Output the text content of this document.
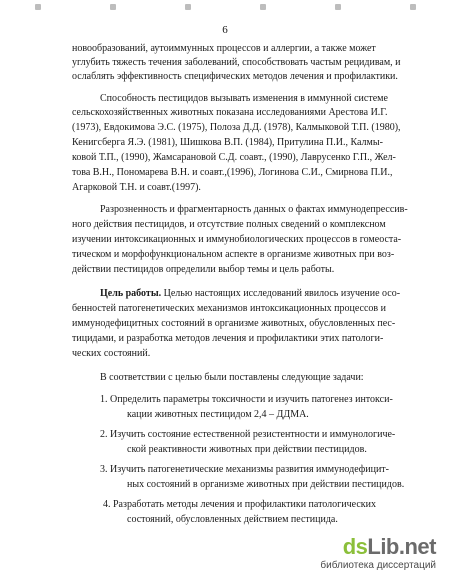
6
новообразований, аутоиммунных процессов и аллергии, а также может
углубить тяжесть течения заболеваний, способствовать частым рецидивам, и
ослаблять эффективность специфических методов лечения и профилактики.
Способность пестицидов вызывать изменения в иммунной системе
сельскохозяйственных животных показана исследованиями Арестова И.Г.
(1973), Евдокимова Э.С. (1975), Полоза Д.Д. (1978), Калмыковой Т.П. (1980),
Кенигсберга Я.Э. (1981), Шишкова В.П. (1984), Притулина П.И., Калмы-
ковой Т.П., (1990), Жамсарановой С.Д. соавт., (1990), Лаврусенко Г.П., Жел-
това В.Н., Пономарева В.Н. и соавт.,(1996), Логинова С.И., Смирнова П.И.,
Агарковой Т.Н. и соавт.(1997).
Разрозненность и фрагментарность данных о фактах иммунодепрессив-
ного действия пестицидов, и отсутствие полных сведений о комплексном
изучении интоксикационных и иммунобиологических процессов в гомеоста-
тическом и морфофункциональном аспекте в организме животных при воз-
действии пестицидов определили выбор темы и цель работы.
Цель работы. Целью настоящих исследований явилось изучение осо-
бенностей патогенетических механизмов интоксикационных процессов и
иммунодефицитных состояний в организме животных, обусловленных пес-
тицидами, и разработка методов лечения и профилактики этих патологи-
ческих состояний.
В соответствии с целью были поставлены следующие задачи:
1. Определить параметры токсичности и изучить патогенез интокси-
кации животных пестицидом 2,4 – ДДМА.
2. Изучить состояние естественной резистентности и иммунологиче-
ской реактивности животных при действии пестицидов.
3. Изучить патогенетические механизмы развития иммунодефицит-
ных состояний в организме животных при действии пестицидов.
4. Разработать методы лечения и профилактики патологических
состояний, обусловленных действием пестицида.
dsLib.net
библиотека диссертаций
